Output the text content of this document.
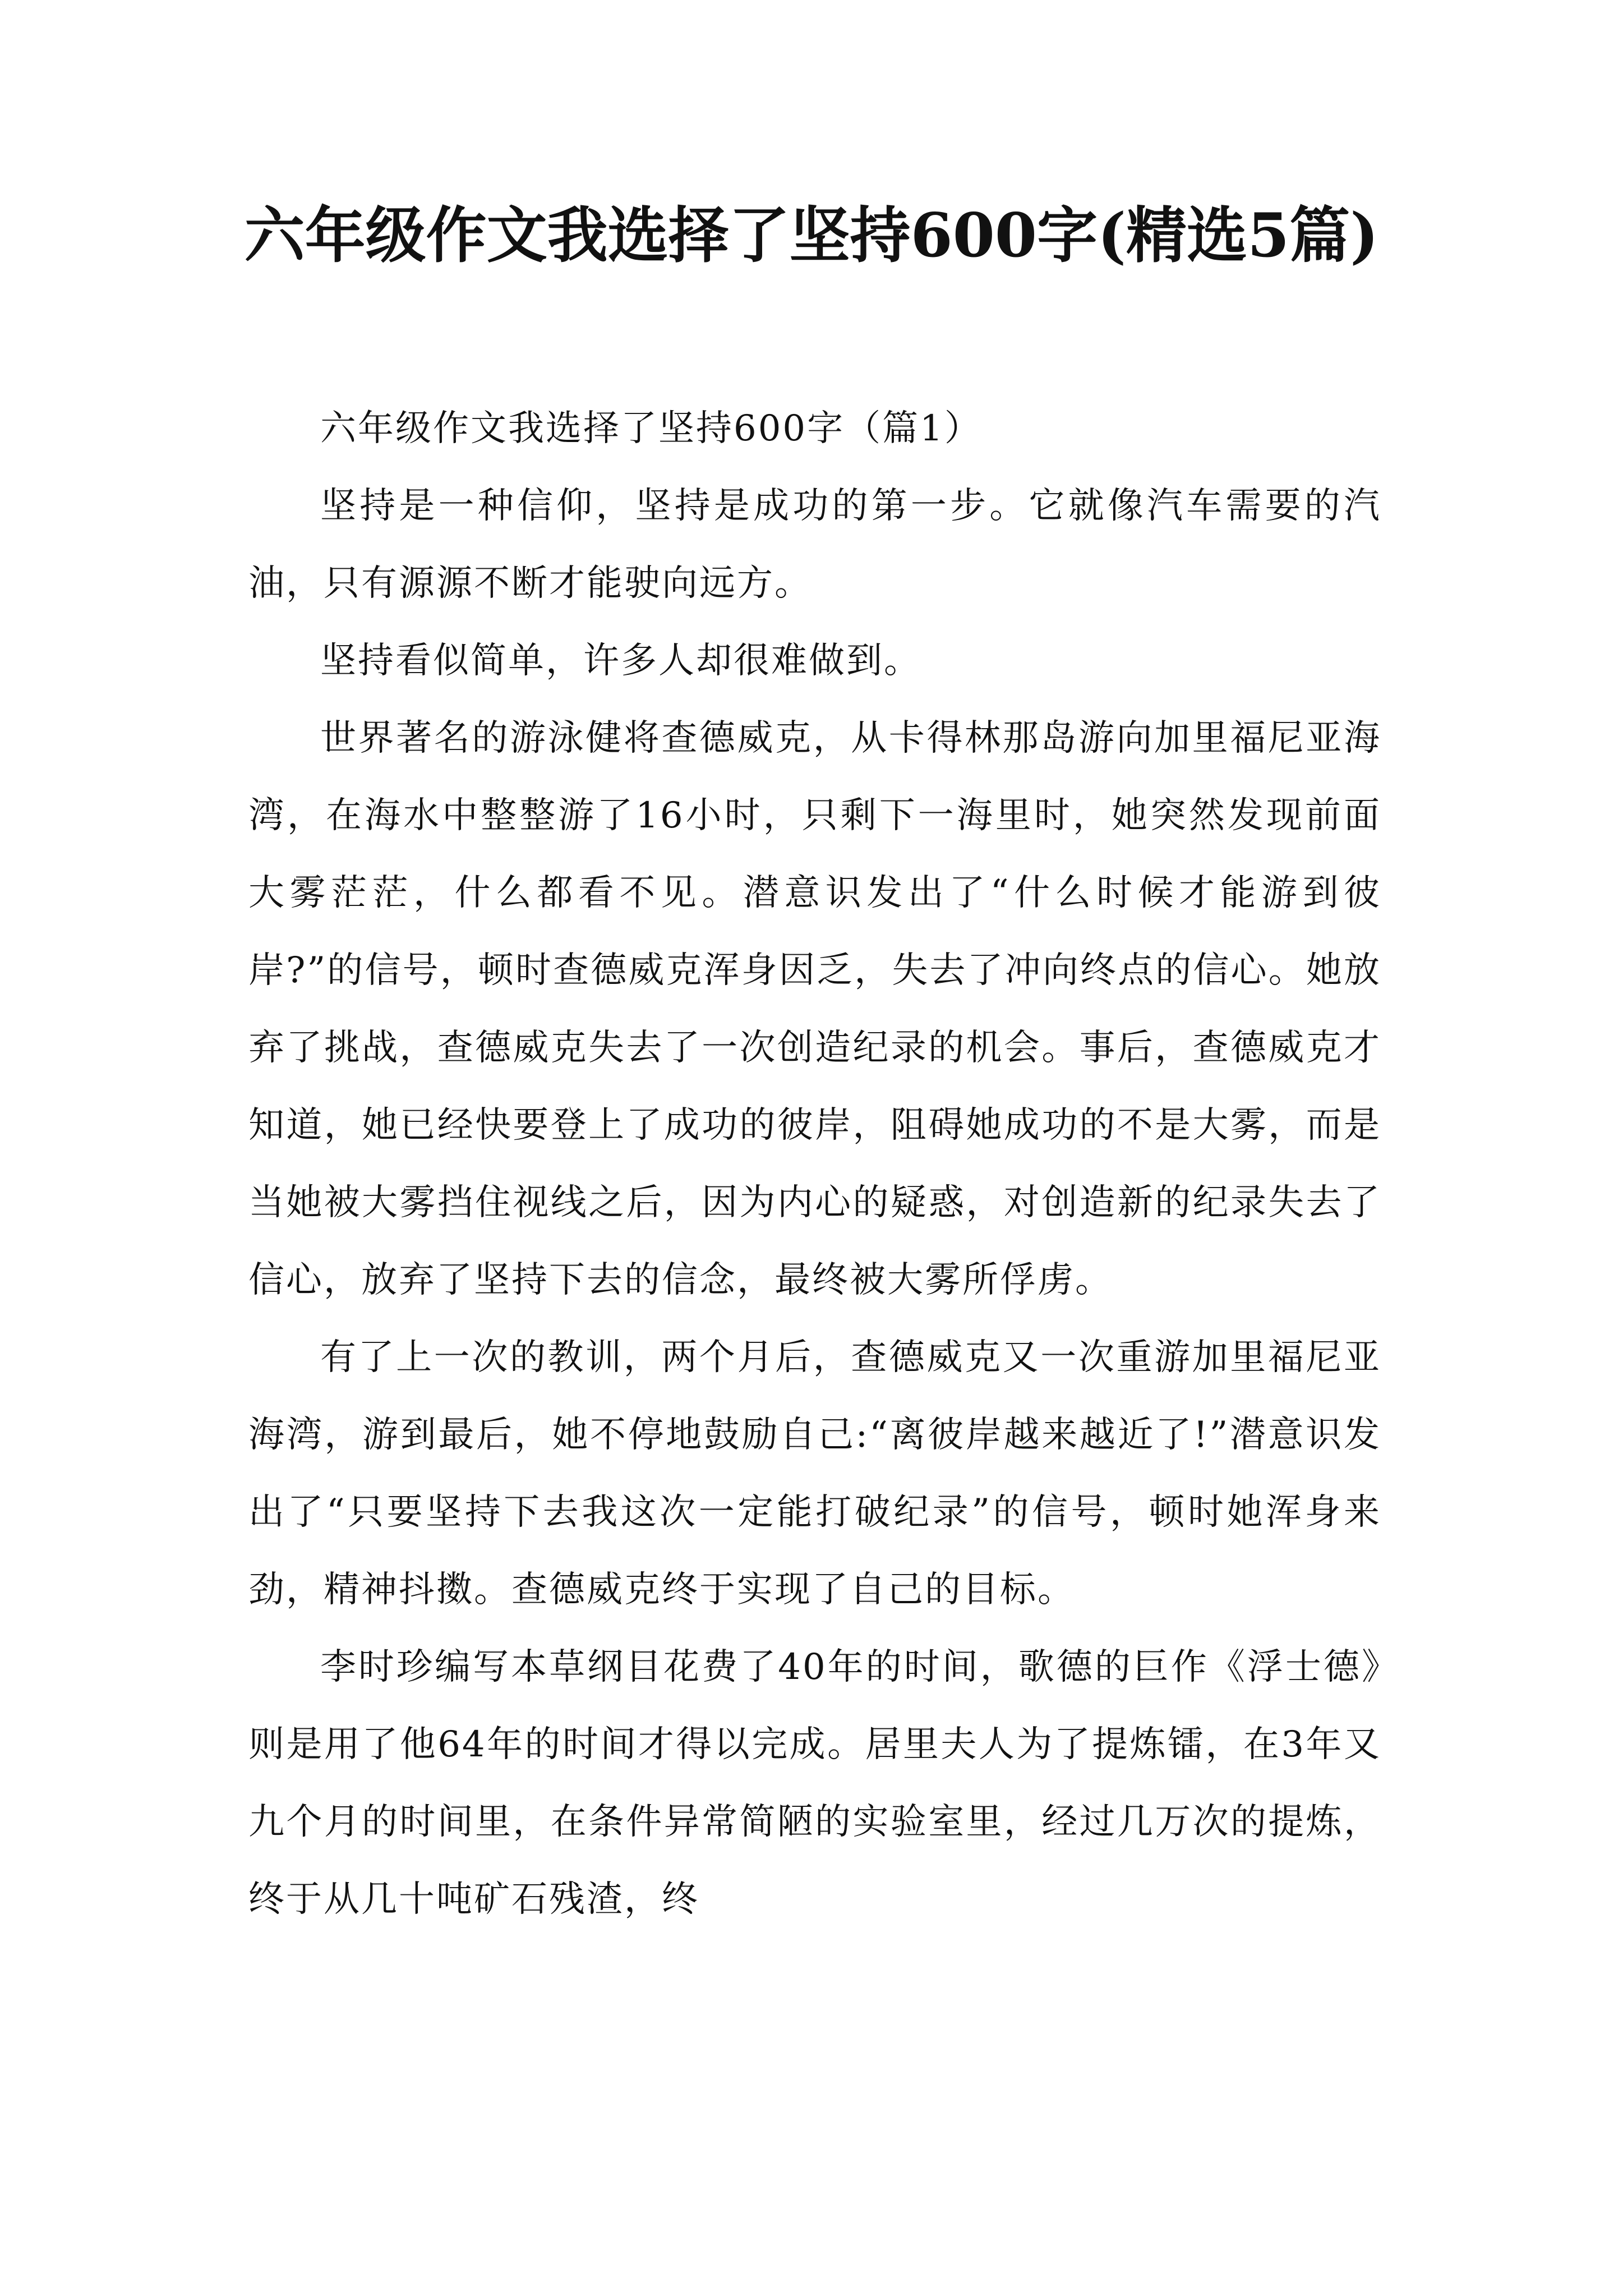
六年级作文我选择了坚持600字(精选5篇)

六年级作文我选择了坚持600字（篇1）

坚持是一种信仰，坚持是成功的第一步。它就像汽车需要的汽油，只有源源不断才能驶向远方。

坚持看似简单，许多人却很难做到。

世界著名的游泳健将查德威克，从卡得林那岛游向加里福尼亚海湾，在海水中整整游了16小时，只剩下一海里时，她突然发现前面大雾茫茫，什么都看不见。潜意识发出了“什么时候才能游到彼岸?”的信号，顿时查德威克浑身因乏，失去了冲向终点的信心。她放弃了挑战，查德威克失去了一次创造纪录的机会。事后，查德威克才知道，她已经快要登上了成功的彼岸，阻碍她成功的不是大雾，而是当她被大雾挡住视线之后，因为内心的疑惑，对创造新的纪录失去了信心，放弃了坚持下去的信念，最终被大雾所俘虏。

有了上一次的教训，两个月后，查德威克又一次重游加里福尼亚海湾，游到最后，她不停地鼓励自己:“离彼岸越来越近了!”潜意识发出了“只要坚持下去我这次一定能打破纪录”的信号，顿时她浑身来劲，精神抖擞。查德威克终于实现了自己的目标。

李时珍编写本草纲目花费了40年的时间，歌德的巨作《浮士德》则是用了他64年的时间才得以完成。居里夫人为了提炼镭，在3年又九个月的时间里，在条件异常简陋的实验室里，经过几万次的提炼，终于从几十吨矿石残渣，终
